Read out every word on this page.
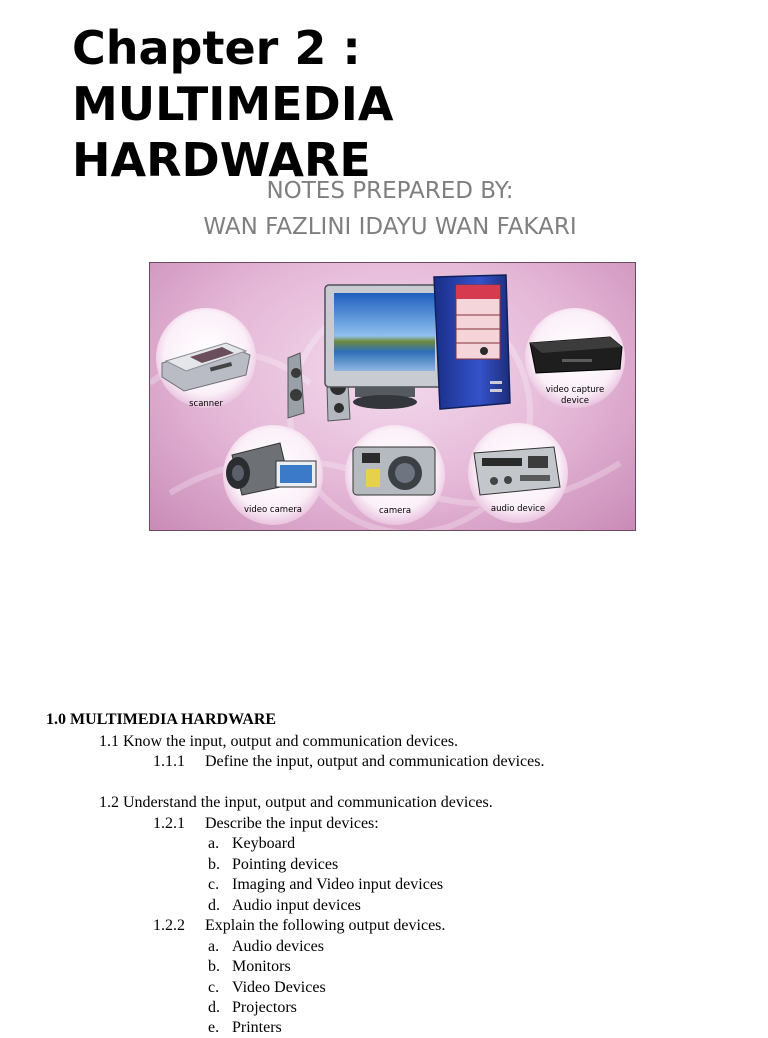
Chapter 2 :
MULTIMEDIA
HARDWARE

NOTES PREPARED BY:

WAN FAZLINI IDAYU WAN FAKARI

scanner
video capture
device
video camera	camera	audio device
1.0 MULTIMEDIA HARDWARE
1.1 Know the input, output and communication devices.
1.1.1 Define the input, output and communication devices.
1.2 Understand the input, output and communication devices.
1.2.1 Describe the input devices:
a. Keyboard
b. Pointing devices
c. Imaging and Video input devices
d. Audio input devices
1.2.2 Explain the following output devices.
a. Audio devices
b. Monitors
c. Video Devices
d. Projectors
e. Printers
